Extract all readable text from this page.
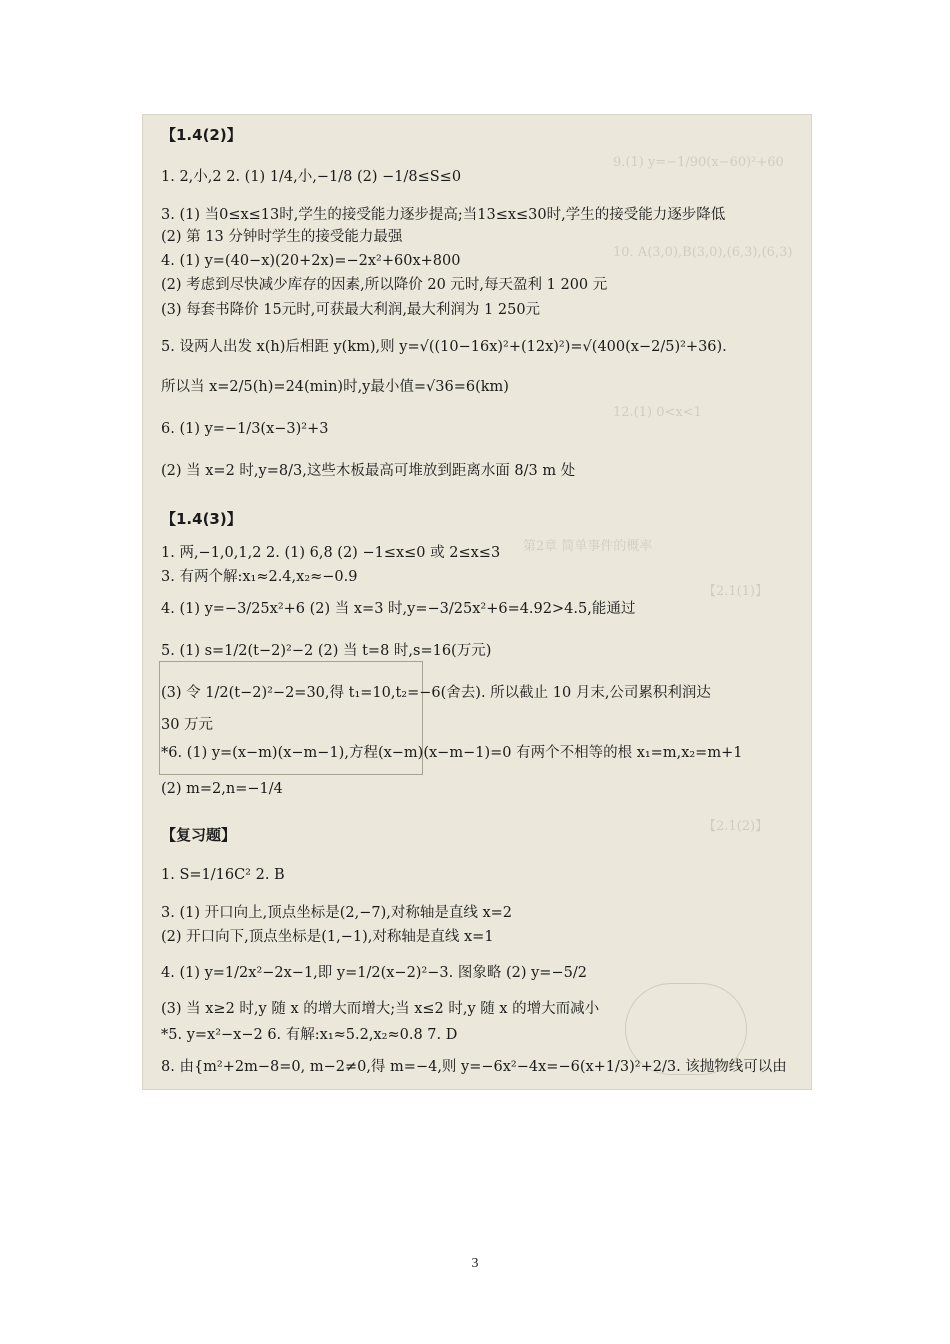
9.(1) y=−1/90(x−60)²+60
10. A(3,0),B(3,0),(6,3),(6,3)
12.(1) 0<x<1
第2章 简单事件的概率
【2.1(1)】
【2.1(2)】
【1.4(2)】
1. 2,小,2 2. (1) 1/4,小,−1/8 (2) −1/8≤S≤0
3. (1) 当0≤x≤13时,学生的接受能力逐步提高;当13≤x≤30时,学生的接受能力逐步降低
(2) 第 13 分钟时学生的接受能力最强
4. (1) y=(40−x)(20+2x)=−2x²+60x+800
(2) 考虑到尽快减少库存的因素,所以降价 20 元时,每天盈利 1 200 元
(3) 每套书降价 15元时,可获最大利润,最大利润为 1 250元
5. 设两人出发 x(h)后相距 y(km),则 y=√((10−16x)²+(12x)²)=√(400(x−2/5)²+36).
所以当 x=2/5(h)=24(min)时,y最小值=√36=6(km)
6. (1) y=−1/3(x−3)²+3
(2) 当 x=2 时,y=8/3,这些木板最高可堆放到距离水面 8/3 m 处
【1.4(3)】
1. 两,−1,0,1,2 2. (1) 6,8 (2) −1≤x≤0 或 2≤x≤3
3. 有两个解:x₁≈2.4,x₂≈−0.9
4. (1) y=−3/25x²+6 (2) 当 x=3 时,y=−3/25x²+6=4.92>4.5,能通过
5. (1) s=1/2(t−2)²−2 (2) 当 t=8 时,s=16(万元)
(3) 令 1/2(t−2)²−2=30,得 t₁=10,t₂=−6(舍去). 所以截止 10 月末,公司累积利润达
30 万元
*6. (1) y=(x−m)(x−m−1),方程(x−m)(x−m−1)=0 有两个不相等的根 x₁=m,x₂=m+1
(2) m=2,n=−1/4
【复习题】
1. S=1/16C² 2. B
3. (1) 开口向上,顶点坐标是(2,−7),对称轴是直线 x=2
(2) 开口向下,顶点坐标是(1,−1),对称轴是直线 x=1
4. (1) y=1/2x²−2x−1,即 y=1/2(x−2)²−3. 图象略 (2) y=−5/2
(3) 当 x≥2 时,y 随 x 的增大而增大;当 x≤2 时,y 随 x 的增大而减小
*5. y=x²−x−2 6. 有解:x₁≈5.2,x₂≈0.8 7. D
8. 由{m²+2m−8=0, m−2≠0,得 m=−4,则 y=−6x²−4x=−6(x+1/3)²+2/3. 该抛物线可以由
3
